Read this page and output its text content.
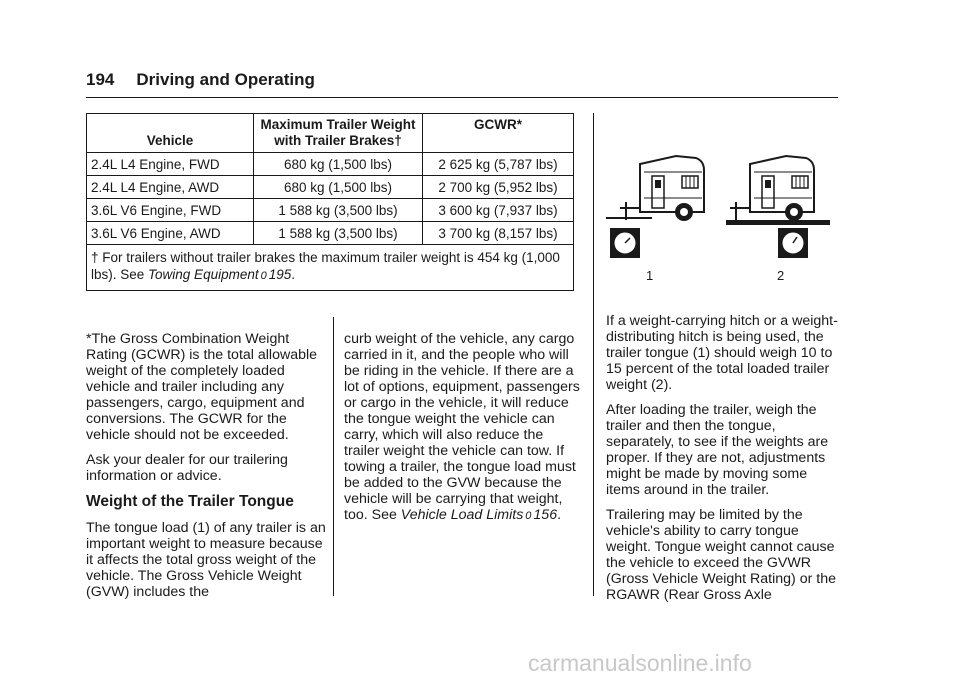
194 Driving and Operating
Vehicle	Maximum Trailer Weight with Trailer Brakes†	GCWR*
2.4L L4 Engine, FWD	680 kg (1,500 lbs)	2 625 kg (5,787 lbs)
2.4L L4 Engine, AWD	680 kg (1,500 lbs)	2 700 kg (5,952 lbs)
3.6L V6 Engine, FWD	1 588 kg (3,500 lbs)	3 600 kg (7,937 lbs)
3.6L V6 Engine, AWD	1 588 kg (3,500 lbs)	3 700 kg (8,157 lbs)
† For trailers without trailer brakes the maximum trailer weight is 454 kg (1,000 lbs). See Towing Equipment 0 195.		

*The Gross Combination Weight Rating (GCWR) is the total allowable weight of the completely loaded vehicle and trailer including any passengers, cargo, equipment and conversions. The GCWR for the vehicle should not be exceeded.

Ask your dealer for our trailering information or advice.

Weight of the Trailer Tongue

The tongue load (1) of any trailer is an important weight to measure because it affects the total gross weight of the vehicle. The Gross Vehicle Weight (GVW) includes the

curb weight of the vehicle, any cargo carried in it, and the people who will be riding in the vehicle. If there are a lot of options, equipment, passengers or cargo in the vehicle, it will reduce the tongue weight the vehicle can carry, which will also reduce the trailer weight the vehicle can tow. If towing a trailer, the tongue load must be added to the GVW because the vehicle will be carrying that weight, too. See Vehicle Load Limits 0 156.

1	2

If a weight-carrying hitch or a weight-distributing hitch is being used, the trailer tongue (1) should weigh 10 to 15 percent of the total loaded trailer weight (2).

After loading the trailer, weigh the trailer and then the tongue, separately, to see if the weights are proper. If they are not, adjustments might be made by moving some items around in the trailer.

Trailering may be limited by the vehicle's ability to carry tongue weight. Tongue weight cannot cause the vehicle to exceed the GVWR (Gross Vehicle Weight Rating) or the RGAWR (Rear Gross Axle

carmanualsonline.info
